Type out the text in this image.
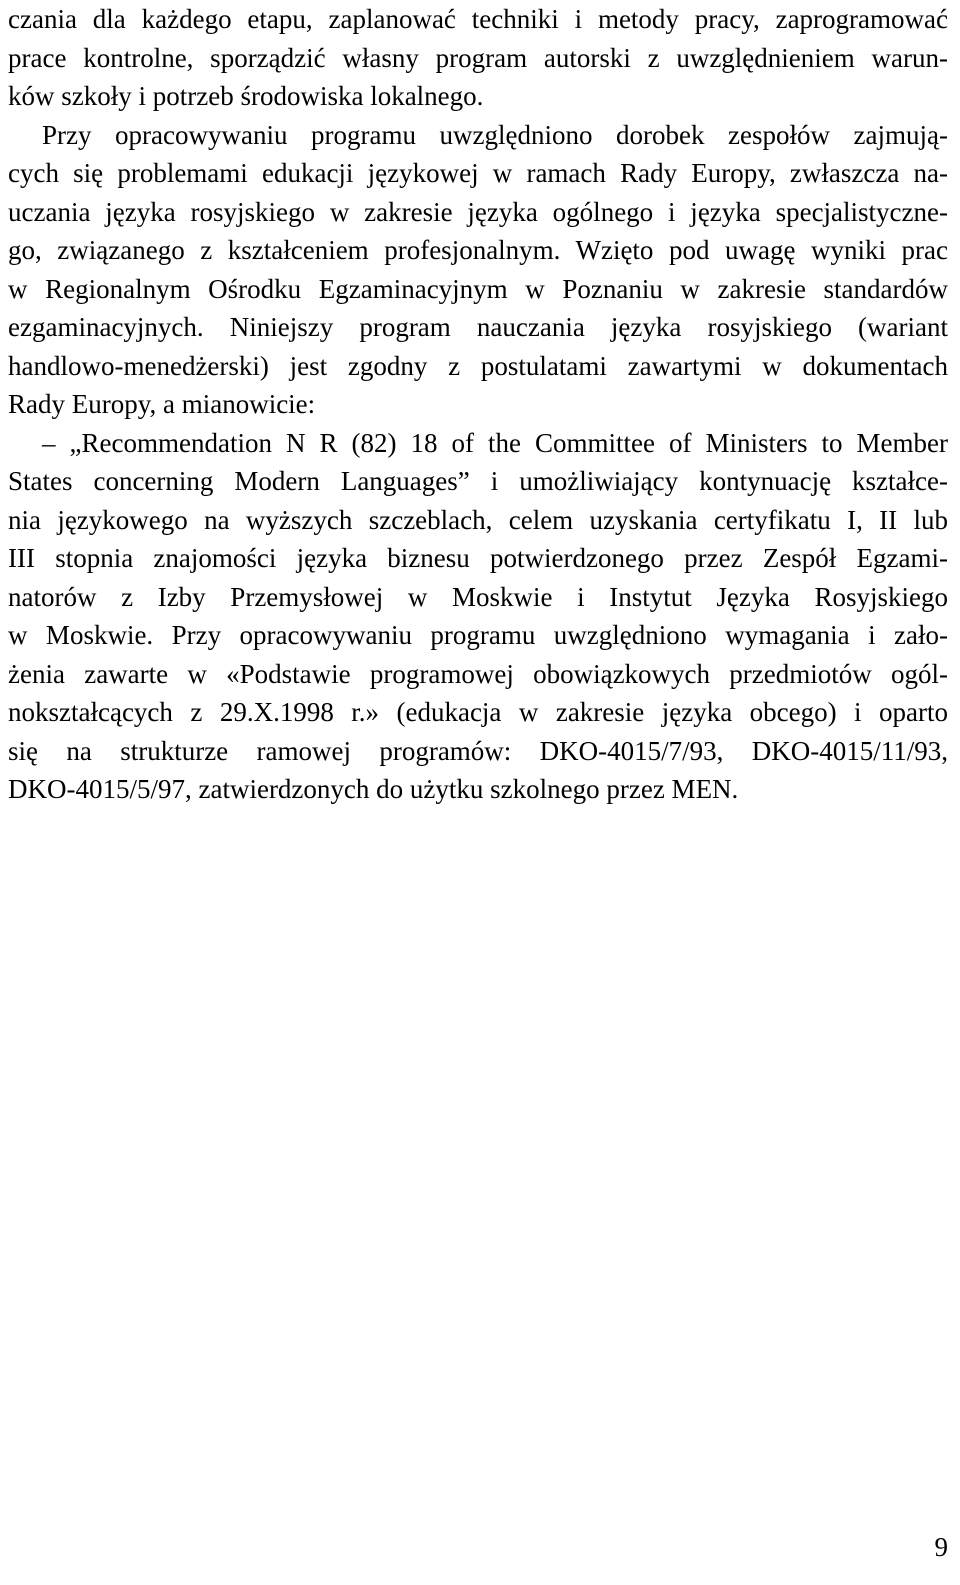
czania dla każdego etapu, zaplanować techniki i metody pracy, zaprogramować
prace kontrolne, sporządzić własny program autorski z uwzględnieniem warun-
ków szkoły i potrzeb środowiska lokalnego.
Przy opracowywaniu programu uwzględniono dorobek zespołów zajmują-
cych się problemami edukacji językowej w ramach Rady Europy, zwłaszcza na-
uczania języka rosyjskiego w zakresie języka ogólnego i języka specjalistyczne-
go, związanego z kształceniem profesjonalnym. Wzięto pod uwagę wyniki prac
w Regionalnym Ośrodku Egzaminacyjnym w Poznaniu w zakresie standardów
ezgaminacyjnych. Niniejszy program nauczania języka rosyjskiego (wariant
handlowo-menedżerski) jest zgodny z postulatami zawartymi w dokumentach
Rady Europy, a mianowicie:
– „Recommendation N R (82) 18 of the Committee of Ministers to Member
States concerning Modern Languages” i umożliwiający kontynuację kształce-
nia językowego na wyższych szczeblach, celem uzyskania certyfikatu I, II lub
III stopnia znajomości języka biznesu potwierdzonego przez Zespół Egzami-
natorów z Izby Przemysłowej w Moskwie i Instytut Języka Rosyjskiego
w Moskwie. Przy opracowywaniu programu uwzględniono wymagania i zało-
żenia zawarte w «Podstawie programowej obowiązkowych przedmiotów ogól-
nokształcących z 29.X.1998 r.» (edukacja w zakresie języka obcego) i oparto
się na strukturze ramowej programów: DKO-4015/7/93, DKO-4015/11/93,
DKO-4015/5/97, zatwierdzonych do użytku szkolnego przez MEN.
9
